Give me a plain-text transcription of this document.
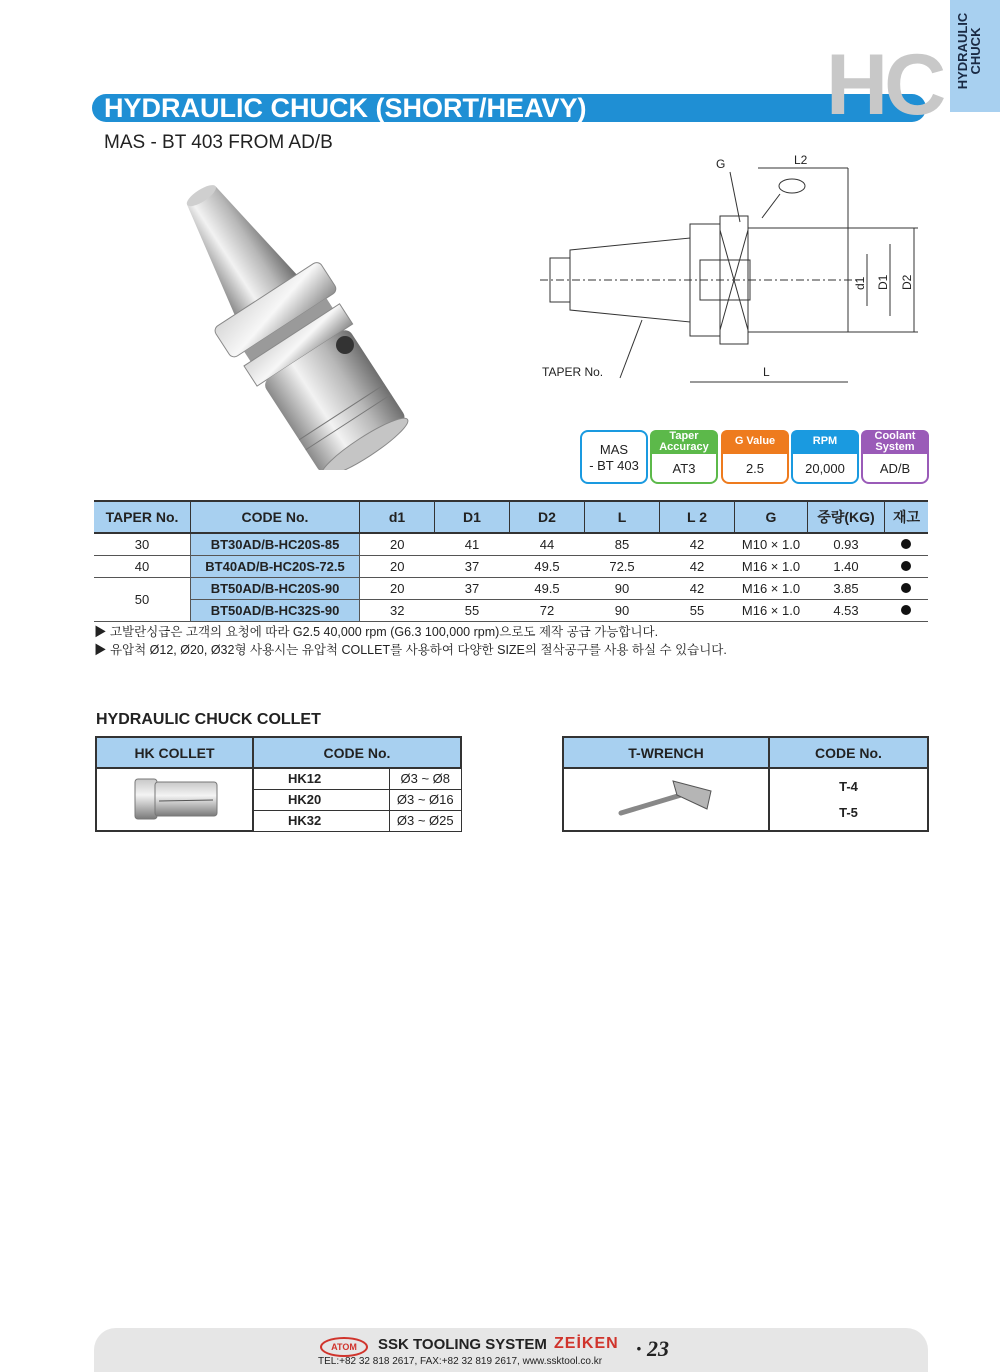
HYDRAULIC
CHUCK
HC
HYDRAULIC CHUCK (SHORT/HEAVY)
MAS - BT 403 FROM AD/B
G	L2
TAPER No.	L
d1 D1 D2
MAS
- BT 403
Taper
Accuracy
AT3
G Value
2.5
RPM
20,000
Coolant
System
AD/B
TAPER No.	CODE No.	d1	D1	D2	L	L 2	G	중량(KG)	재고
30	BT30AD/B-HC20S-85	20	41	44	85	42	M10 × 1.0	0.93	
40	BT40AD/B-HC20S-72.5	20	37	49.5	72.5	42	M16 × 1.0	1.40	
50	BT50AD/B-HC20S-90	20	37	49.5	90	42	M16 × 1.0	3.85	
	BT50AD/B-HC32S-90	32	55	72	90	55	M16 × 1.0	4.53	
▶ 고발란싱급은 고객의 요청에 따라 G2.5 40,000 rpm (G6.3 100,000 rpm)으로도 제작 공급 가능합니다.
▶ 유압척 Ø12, Ø20, Ø32형 사용시는 유압척 COLLET를 사용하여 다양한 SIZE의 절삭공구를 사용 하실 수 있습니다.
HYDRAULIC CHUCK COLLET
HK COLLET	CODE No.	
	HK12	Ø3 ~ Ø8
	HK20	Ø3 ~ Ø16
	HK32	Ø3 ~ Ø25
T-WRENCH	CODE No.

T-4
T-5
ATOM	SSK TOOLING SYSTEM ZEİKEN
TEL:+82 32 818 2617, FAX:+82 32 819 2617, www.ssktool.co.kr
· 23
